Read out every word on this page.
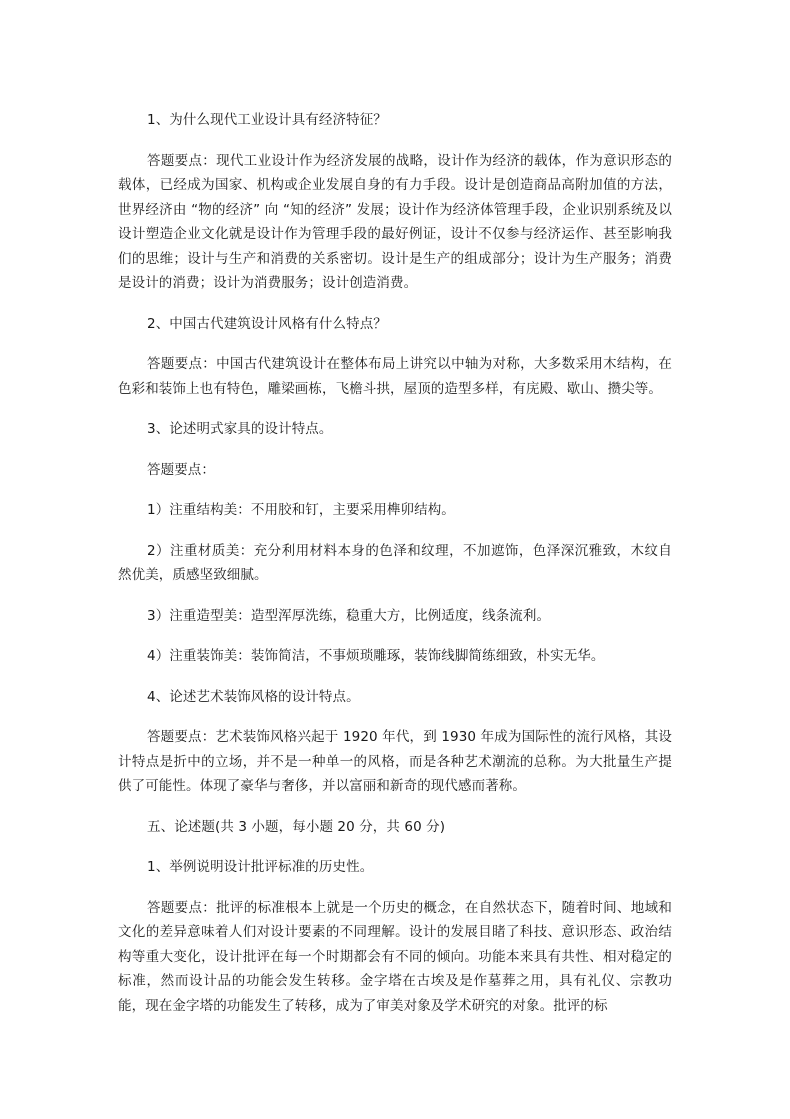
1、为什么现代工业设计具有经济特征？

答题要点：现代工业设计作为经济发展的战略，设计作为经济的载体，作为意识形态的载体，已经成为国家、机构或企业发展自身的有力手段。设计是创造商品高附加值的方法，世界经济由 “物的经济” 向 “知的经济” 发展；设计作为经济体管理手段，企业识别系统及以设计塑造企业文化就是设计作为管理手段的最好例证，设计不仅参与经济运作、甚至影响我们的思维；设计与生产和消费的关系密切。设计是生产的组成部分；设计为生产服务；消费是设计的消费；设计为消费服务；设计创造消费。

2、中国古代建筑设计风格有什么特点？

答题要点：中国古代建筑设计在整体布局上讲究以中轴为对称，大多数采用木结构，在色彩和装饰上也有特色，雕梁画栋，飞檐斗拱，屋顶的造型多样，有庑殿、歇山、攒尖等。

3、论述明式家具的设计特点。

答题要点：

1）注重结构美：不用胶和钉，主要采用榫卯结构。

2）注重材质美：充分利用材料本身的色泽和纹理，不加遮饰，色泽深沉雅致，木纹自然优美，质感坚致细腻。

3）注重造型美：造型浑厚洗练，稳重大方，比例适度，线条流利。

4）注重装饰美：装饰简洁，不事烦琐雕琢，装饰线脚简练细致，朴实无华。

4、论述艺术装饰风格的设计特点。

答题要点：艺术装饰风格兴起于 1920 年代，到 1930 年成为国际性的流行风格，其设计特点是折中的立场，并不是一种单一的风格，而是各种艺术潮流的总称。为大批量生产提供了可能性。体现了豪华与奢侈，并以富丽和新奇的现代感而著称。

五、论述题(共 3 小题，每小题 20 分，共 60 分)

1、举例说明设计批评标准的历史性。

答题要点：批评的标准根本上就是一个历史的概念，在自然状态下，随着时间、地域和文化的差异意味着人们对设计要素的不同理解。设计的发展目睹了科技、意识形态、政治结构等重大变化，设计批评在每一个时期都会有不同的倾向。功能本来具有共性、相对稳定的标准，然而设计品的功能会发生转移。金字塔在古埃及是作墓葬之用，具有礼仪、宗教功能，现在金字塔的功能发生了转移，成为了审美对象及学术研究的对象。批评的标
